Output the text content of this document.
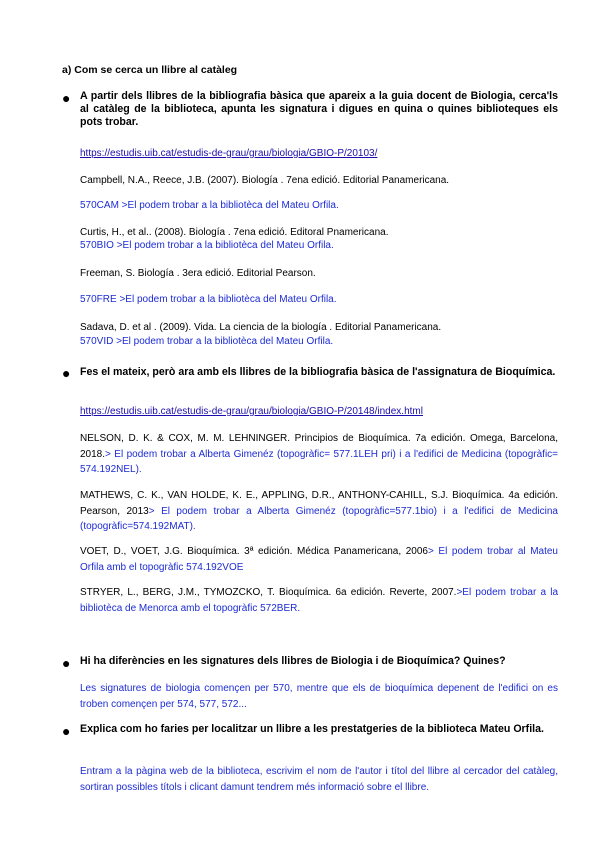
a) Com se cerca un llibre al catàleg
● A partir dels llibres de la bibliografia bàsica que apareix a la guia docent de Biologia, cerca'ls al catàleg de la biblioteca, apunta les signatura i digues en quina o quines biblioteques els pots trobar.
https://estudis.uib.cat/estudis-de-grau/grau/biologia/GBIO-P/20103/
Campbell, N.A., Reece, J.B. (2007). Biología . 7ena edició. Editorial Panamericana.
570CAM >El podem trobar a la bibliotèca del Mateu Orfila.
Curtis, H., et al.. (2008). Biología . 7ena edició. Editoral Pnamericana.
570BIO >El podem trobar a la bibliotèca del Mateu Orfila.
Freeman, S. Biología . 3era edició. Editorial Pearson.
570FRE >El podem trobar a la bibliotèca del Mateu Orfila.
Sadava, D. et al . (2009). Vida. La ciencia de la biología . Editorial Panamericana.
570VID >El podem trobar a la bibliotèca del Mateu Orfila.
● Fes el mateix, però ara amb els llibres de la bibliografia bàsica de l'assignatura de Bioquímica.
https://estudis.uib.cat/estudis-de-grau/grau/biologia/GBIO-P/20148/index.html
NELSON, D. K. & COX, M. M. LEHNINGER. Principios de Bioquímica. 7a edición. Omega, Barcelona, 2018.> El podem trobar a Alberta Gimenéz (topogràfic= 577.1LEH pri) i a l'edifici de Medicina (topogràfic= 574.192NEL).
MATHEWS, C. K., VAN HOLDE, K. E., APPLING, D.R., ANTHONY-CAHILL, S.J. Bioquímica. 4a edición. Pearson, 2013> El podem trobar a Alberta Gimenéz (topogràfic=577.1bio) i a l'edifici de Medicina (topogràfic=574.192MAT).
VOET, D., VOET, J.G. Bioquímica. 3ª edición. Médica Panamericana, 2006> El podem trobar al Mateu Orfila amb el topogràfic 574.192VOE
STRYER, L., BERG, J.M., TYMOZCKO, T. Bioquímica. 6a edición. Reverte, 2007.>El podem trobar a la bibliotèca de Menorca amb el topogràfic 572BER.
● Hi ha diferències en les signatures dels llibres de Biologia i de Bioquímica? Quines?
Les signatures de biologia començen per 570, mentre que els de bioquímica depenent de l'edifici on es troben començen per 574, 577, 572...
● Explica com ho faries per localitzar un llibre a les prestatgeries de la biblioteca Mateu Orfila.
Entram a la pàgina web de la biblioteca, escrivim el nom de l'autor i títol del llibre al cercador del catàleg, sortiran possibles títols i clicant damunt tendrem més informació sobre el llibre.
